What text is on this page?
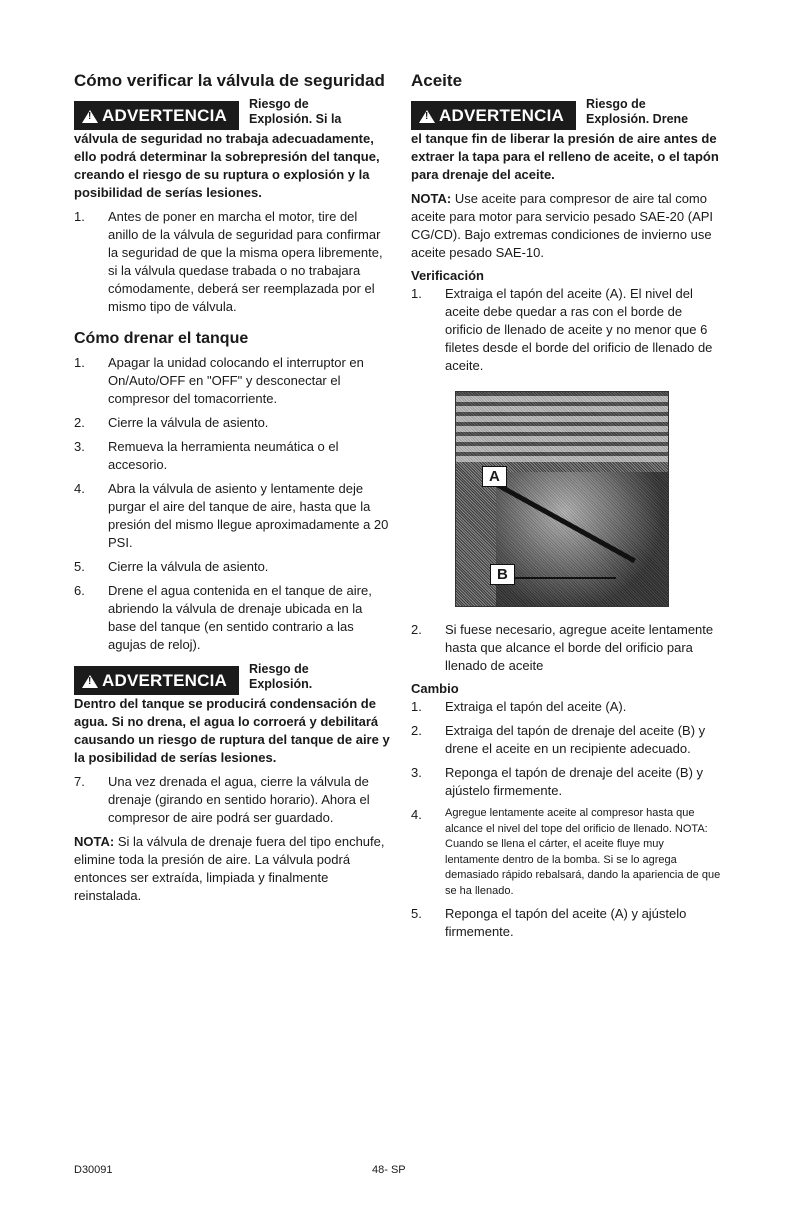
Cómo verificar la válvula de seguridad
!
ADVERTENCIA
Riesgo de
Explosión. Si la
válvula de seguridad no trabaja adecuadamente, ello podrá determinar la sobrepresión del tanque, creando el riesgo de su ruptura o explosión y la posibilidad de serías lesiones.
1.	Antes de poner en marcha el motor, tire del anillo de la válvula de seguridad para confirmar la seguridad de que la misma opera libremente, si la válvula quedase trabada o no trabajara cómodamente, deberá ser reemplazada por el mismo tipo de válvula.
Cómo drenar el tanque
1.	Apagar la unidad colocando el interruptor en On/Auto/OFF en "OFF" y desconectar el compresor del tomacorriente.
2.	Cierre la válvula de asiento.
3.	Remueva la herramienta neumática o el accesorio.
4.	Abra la válvula de asiento y lentamente deje purgar el aire del tanque de aire, hasta que la presión del mismo llegue aproximadamente a 20 PSI.
5.	Cierre la válvula de asiento.
6.	Drene el agua contenida en el tanque de aire, abriendo la válvula de drenaje ubicada en la base del tanque (en sentido contrario a las agujas de reloj).
!
ADVERTENCIA
Riesgo de
Explosión.
Dentro del tanque se producirá condensación de agua. Si no drena, el agua lo corroerá y debilitará causando un riesgo de ruptura del tanque de aire y la posibilidad de serías lesiones.
7.	Una vez drenada el agua, cierre la válvula de drenaje (girando en sentido horario). Ahora el compresor de aire podrá ser guardado.

NOTA: Si la válvula de drenaje fuera del tipo enchufe, elimine toda la presión de aire. La válvula podrá entonces ser extraída, limpiada y finalmente reinstalada.

Aceite
!
ADVERTENCIA
Riesgo de
Explosión. Drene
el tanque fin de liberar la presión de aire antes de extraer la tapa para el relleno de aceite, o el tapón para drenaje del aceite.

NOTA: Use aceite para compresor de aire tal como aceite para motor para servicio pesado SAE-20 (API CG/CD). Bajo extremas condiciones de invierno use aceite pesado SAE-10.

Verificación
1.	Extraiga el tapón del aceite (A). El nivel del aceite debe quedar a ras con el borde de orificio de llenado de aceite y no menor que 6 filetes desde el borde del orificio de llenado de aceite.
A
B
2.	Si fuese necesario, agregue aceite lentamente hasta que alcance el borde del orificio para llenado de aceite
Cambio
1.	Extraiga el tapón del aceite (A).
2.	Extraiga del tapón de drenaje del aceite (B) y drene el aceite en un recipiente adecuado.
3.	Reponga el tapón de drenaje del aceite (B) y ajústelo firmemente.
4.	Agregue lentamente aceite al compresor hasta que alcance el nivel del tope del orificio de llenado. NOTA: Cuando se llena el cárter, el aceite fluye muy lentamente dentro de la bomba. Si se lo agrega demasiado rápido rebalsará, dando la apariencia de que se ha llenado.
5.	Reponga el tapón del aceite (A) y ajústelo firmemente.
D30091	48- SP
